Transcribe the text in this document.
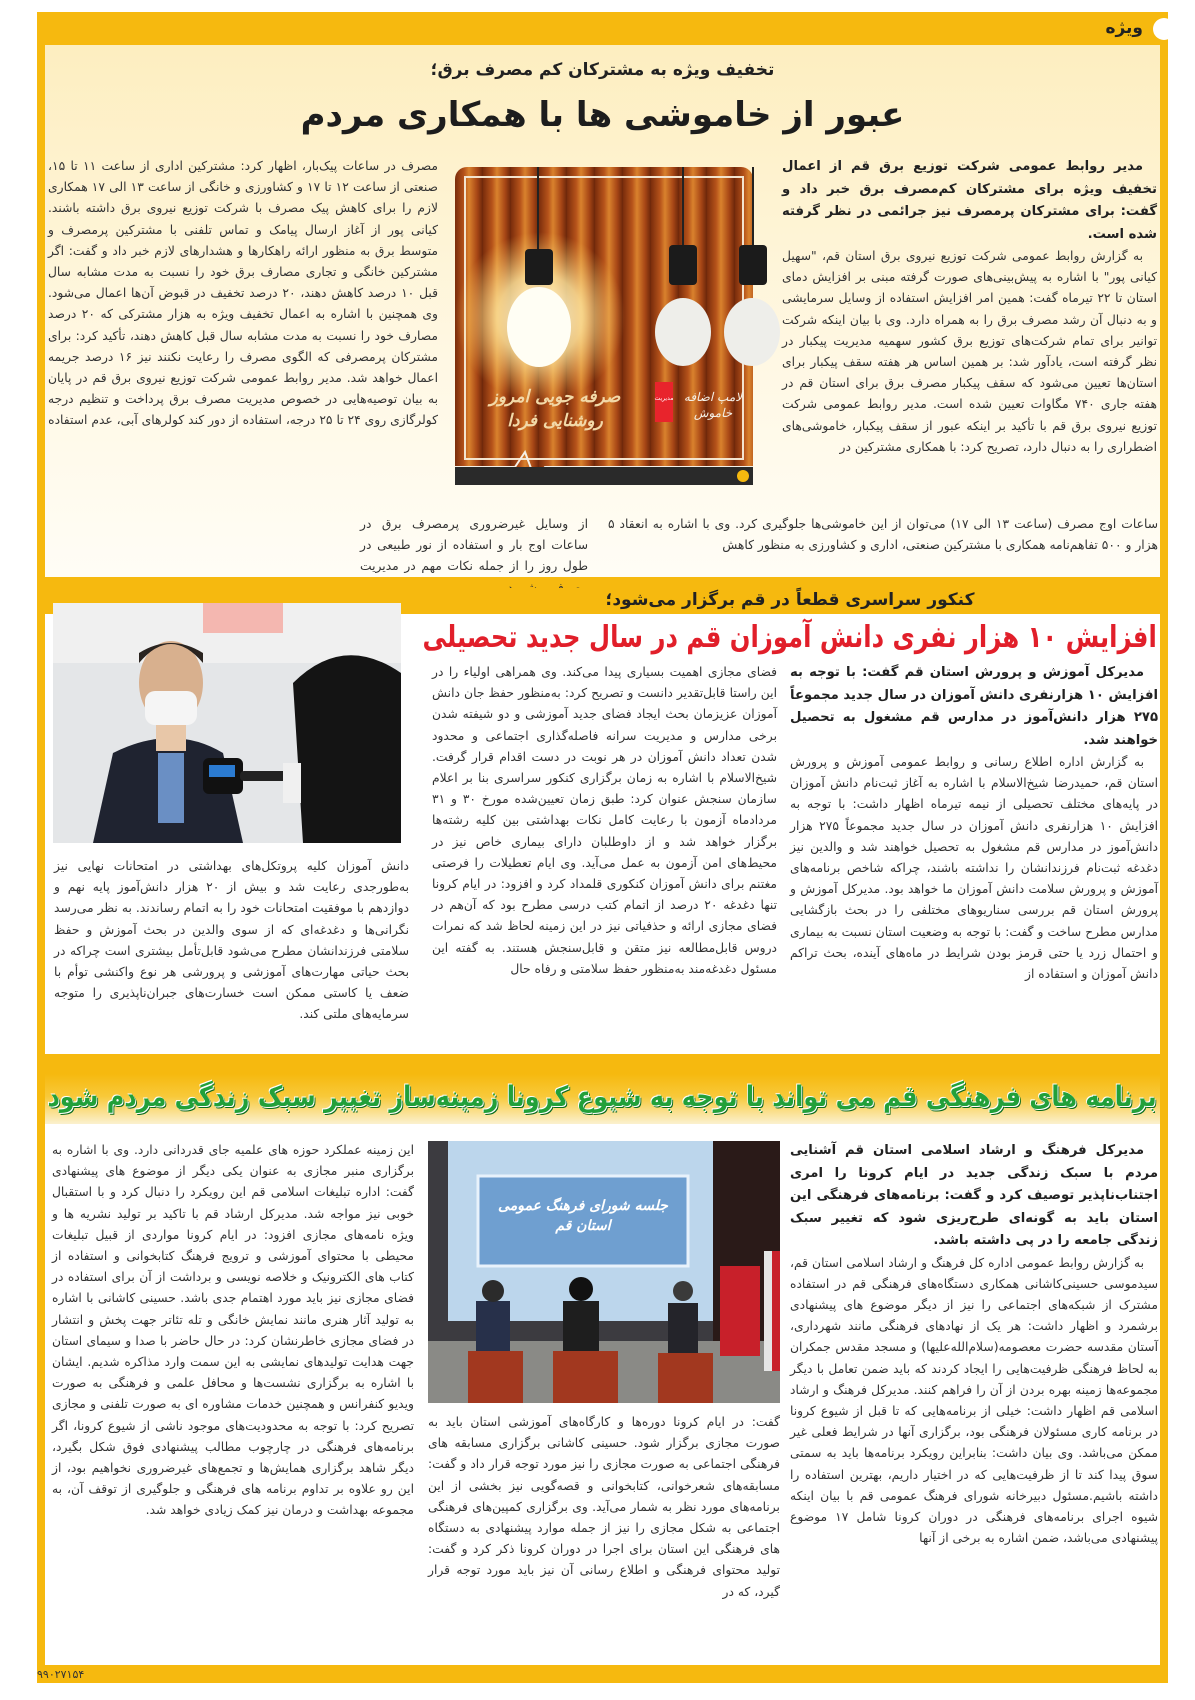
ویژه
تخفیف ویژه به مشترکان کم مصرف برق؛
عبور از خاموشی ها با همکاری مردم

مدیر روابط عمومی شرکت توزیع برق قم از اعمال تخفیف ویژه برای مشترکان کم‌مصرف برق خبر داد و گفت: برای مشترکان پرمصرف نیز جرائمی در نظر گرفته شده است.

به گزارش روابط عمومی شرکت توزیع نیروی برق استان قم، "سهیل کیانی پور" با اشاره به پیش‌بینی‌های صورت گرفته مبنی بر افزایش دمای استان تا ۲۲ تیرماه گفت: همین امر افزایش استفاده از وسایل سرمایشی و به دنبال آن رشد مصرف برق را به همراه دارد. وی با بیان اینکه شرکت توانیر برای تمام شرکت‌های توزیع برق کشور سهمیه مدیریت پیکبار در نظر گرفته است، یادآور شد: بر همین اساس هر هفته سقف پیکبار برای استان‌ها تعیین می‌شود که سقف پیکبار مصرف برق برای استان قم در هفته جاری ۷۴۰ مگاوات تعیین شده است. مدیر روابط عمومی شرکت توزیع نیروی برق قم با تأکید بر اینکه عبور از سقف پیکبار، خاموشی‌های اضطراری را به دنبال دارد، تصریح کرد: با همکاری مشترکین در

ساعات اوج مصرف (ساعت ۱۳ الی ۱۷) می‌توان از این خاموشی‌ها جلوگیری کرد. وی با اشاره به انعقاد ۵ هزار و ۵۰۰ تفاهم‌نامه همکاری با مشترکین صنعتی، اداری و کشاورزی به منظور کاهش

مصرف در ساعات پیک‌بار، اظهار کرد: مشترکین اداری از ساعت ۱۱ تا ۱۵، صنعتی از ساعت ۱۲ تا ۱۷ و کشاورزی و خانگی از ساعت ۱۳ الی ۱۷ همکاری لازم را برای کاهش پیک مصرف با شرکت توزیع نیروی برق داشته باشند. کیانی پور از آغاز ارسال پیامک و تماس تلفنی با مشترکین پرمصرف و متوسط برق به منظور ارائه راهکارها و هشدارهای لازم خبر داد و گفت: اگر مشترکین خانگی و تجاری مصارف برق خود را نسبت به مدت مشابه سال قبل ۱۰ درصد کاهش دهند، ۲۰ درصد تخفیف در قبوض آن‌ها اعمال می‌شود. وی همچنین با اشاره به اعمال تخفیف ویژه به هزار مشترکی که ۲۰ درصد مصارف خود را نسبت به مدت مشابه سال قبل کاهش دهند، تأکید کرد: برای مشترکان پرمصرفی که الگوی مصرف را رعایت نکنند نیز ۱۶ درصد جریمه اعمال خواهد شد. مدیر روابط عمومی شرکت توزیع نیروی برق قم در پایان به بیان توصیه‌هایی در خصوص مدیریت مصرف برق پرداخت و تنظیم درجه کولرگازی روی ۲۴ تا ۲۵ درجه، استفاده از دور کند کولرهای آبی، عدم استفاده

از وسایل غیرضروری پرمصرف برق در ساعات اوج بار و استفاده از نور طبیعی در طول روز را از جمله نکات مهم در مدیریت

صرفه جویی امروز
روشنایی فردا
مدیریت لامپ اضافه خاموش
کنکور سراسری قطعاً در قم برگزار می‌شود؛
افزایش ۱۰ هزار نفری دانش آموزان قم در سال جدید تحصیلی

مدیرکل آموزش و پرورش استان قم گفت: با توجه به افزایش ۱۰ هزارنفری دانش آموزان در سال جدید مجموعاً ۲۷۵ هزار دانش‌آموز در مدارس قم مشغول به تحصیل خواهند شد.

به گزارش اداره اطلاع رسانی و روابط عمومی آموزش و پرورش استان قم، حمیدرضا شیخ‌الاسلام با اشاره به آغاز ثبت‌نام دانش آموزان در پایه‌های مختلف تحصیلی از نیمه تیرماه اظهار داشت: با توجه به افزایش ۱۰ هزارنفری دانش آموزان در سال جدید مجموعاً ۲۷۵ هزار دانش‌آموز در مدارس قم مشغول به تحصیل خواهند شد و والدین نیز دغدغه ثبت‌نام فرزندانشان را نداشته باشند، چراکه شاخص برنامه‌های آموزش و پرورش سلامت دانش آموزان ما خواهد بود. مدیرکل آموزش و پرورش استان قم بررسی سناریوهای مختلفی را در بحث بازگشایی مدارس مطرح ساخت و گفت: با توجه به وضعیت استان نسبت به بیماری و احتمال زرد یا حتی قرمز بودن شرایط در ماه‌های آینده، بحث تراکم دانش آموزان و استفاده از

فضای مجازی اهمیت بسیاری پیدا می‌کند. وی همراهی اولیاء را در این راستا قابل‌تقدیر دانست و تصریح کرد: به‌منظور حفظ جان دانش آموزان عزیزمان بحث ایجاد فضای جدید آموزشی و دو شیفته شدن برخی مدارس و مدیریت سرانه فاصله‌گذاری اجتماعی و محدود شدن تعداد دانش آموزان در هر نوبت در دست اقدام قرار گرفت. شیخ‌الاسلام با اشاره به زمان برگزاری کنکور سراسری بنا بر اعلام سازمان سنجش عنوان کرد: طبق زمان تعیین‌شده مورخ ۳۰ و ۳۱ مردادماه آزمون با رعایت کامل نکات بهداشتی بین کلیه رشته‌ها برگزار خواهد شد و از داوطلبان دارای بیماری خاص نیز در محیط‌های امن آزمون به عمل می‌آید. وی ایام تعطیلات را فرصتی مغتنم برای دانش آموزان کنکوری قلمداد کرد و افزود: در ایام کرونا تنها دغدغه ۲۰ درصد از اتمام کتب درسی مطرح بود که آن‌هم در فضای مجازی ارائه و حذفیاتی نیز در این زمینه لحاظ شد که نمرات دروس قابل‌مطالعه نیز متقن و قابل‌سنجش هستند. به گفته این مسئول دغدغه‌مند به‌منظور حفظ سلامتی و رفاه حال

دانش آموزان کلیه پروتکل‌های بهداشتی در امتحانات نهایی نیز به‌طورجدی رعایت شد و بیش از ۲۰ هزار دانش‌آموز پایه نهم و دوازدهم با موفقیت امتحانات خود را به اتمام رساندند. به نظر می‌رسد نگرانی‌ها و دغدغه‌ای که از سوی والدین در بحث آموزش و حفظ سلامتی فرزندانشان مطرح می‌شود قابل‌تأمل بیشتری است چراکه در بحث حیاتی مهارت‌های آموزشی و پرورشی هر نوع واکنشی توأم با ضعف یا کاستی ممکن است خسارت‌های جبران‌ناپذیری را متوجه سرمایه‌های ملتی کند.

برنامه های فرهنگی قم می تواند با توجه به شیوع کرونا زمینه‌ساز تغییر سبک زندگی مردم شود
جلسه شورای فرهنگ عمومی استان قم

مدیرکل فرهنگ و ارشاد اسلامی استان قم آشنایی مردم با سبک زندگی جدید در ایام کرونا را امری اجتناب‌ناپذیر توصیف کرد و گفت: برنامه‌های فرهنگی این استان باید به گونه‌ای طرح‌ریزی شود که تغییر سبک زندگی جامعه را در پی داشته باشد.

به گزارش روابط عمومی اداره کل فرهنگ و ارشاد اسلامی استان قم، سیدموسی حسینی‌کاشانی همکاری دستگاه‌های فرهنگی قم در استفاده مشترک از شبکه‌های اجتماعی را نیز از دیگر موضوع های پیشنهادی برشمرد و اظهار داشت: هر یک از نهادهای فرهنگی مانند شهرداری، آستان مقدسه حضرت معصومه(سلام‌الله‌علیها) و مسجد مقدس جمکران به لحاظ فرهنگی ظرفیت‌هایی را ایجاد کردند که باید ضمن تعامل با دیگر مجموعه‌ها زمینه بهره بردن از آن را فراهم کنند. مدیرکل فرهنگ و ارشاد اسلامی قم اظهار داشت: خیلی از برنامه‌هایی که تا قبل از شیوع کرونا در برنامه کاری مسئولان فرهنگی بود، برگزاری آنها در شرایط فعلی غیر ممکن می‌باشد. وی بیان داشت: بنابراین رویکرد برنامه‌ها باید به سمتی سوق پیدا کند تا از ظرفیت‌هایی که در اختیار داریم، بهترین استفاده را داشته باشیم.مسئول دبیرخانه شورای فرهنگ عمومی قم با بیان اینکه شیوه اجرای برنامه‌های فرهنگی در دوران کرونا شامل ۱۷ موضوع پیشنهادی می‌باشد، ضمن اشاره به برخی از آنها

گفت: در ایام کرونا دوره‌ها و کارگاه‌های آموزشی استان باید به صورت مجازی برگزار شود. حسینی کاشانی برگزاری مسابقه های فرهنگی اجتماعی به صورت مجازی را نیز مورد توجه قرار داد و گفت: مسابقه‌های شعرخوانی، کتابخوانی و قصه‌گویی نیز بخشی از این برنامه‌های مورد نظر به شمار می‌آید. وی برگزاری کمپین‌های فرهنگی اجتماعی به شکل مجازی را نیز از جمله موارد پیشنهادی به دستگاه های فرهنگی این استان برای اجرا در دوران کرونا ذکر کرد و گفت: تولید محتوای فرهنگی و اطلاع رسانی آن نیز باید مورد توجه قرار گیرد، که در

این زمینه عملکرد حوزه های علمیه جای قدردانی دارد. وی با اشاره به برگزاری منبر مجازی به عنوان یکی دیگر از موضوع های پیشنهادی گفت: اداره تبلیغات اسلامی قم این رویکرد را دنبال کرد و با استقبال خوبی نیز مواجه شد. مدیرکل ارشاد قم با تاکید بر تولید نشریه ها و ویژه نامه‌های مجازی افزود: در ایام کرونا مواردی از قبیل تبلیغات محیطی با محتوای آموزشی و ترویج فرهنگ کتابخوانی و استفاده از کتاب های الکترونیک و خلاصه نویسی و برداشت از آن برای استفاده در فضای مجازی نیز باید مورد اهتمام جدی باشد. حسینی کاشانی با اشاره به تولید آثار هنری مانند نمایش خانگی و تله تئاتر جهت پخش و انتشار در فضای مجازی خاطرنشان کرد: در حال حاضر با صدا و سیمای استان جهت هدایت تولیدهای نمایشی به این سمت وارد مذاکره شدیم. ایشان با اشاره به برگزاری نشست‌ها و محافل علمی و فرهنگی به صورت ویدیو کنفرانس و همچنین خدمات مشاوره ای به صورت تلفنی و مجازی تصریح کرد: با توجه به محدودیت‌های موجود ناشی از شیوع کرونا، اگر برنامه‌های فرهنگی در چارچوب مطالب پیشنهادی فوق شکل بگیرد، دیگر شاهد برگزاری همایش‌ها و تجمع‌های غیرضروری نخواهیم بود، از این رو علاوه بر تداوم برنامه های فرهنگی و جلوگیری از توقف آن، به مجموعه بهداشت و درمان نیز کمک زیادی خواهد شد.

۹۹۰۲۷۱۵۴
